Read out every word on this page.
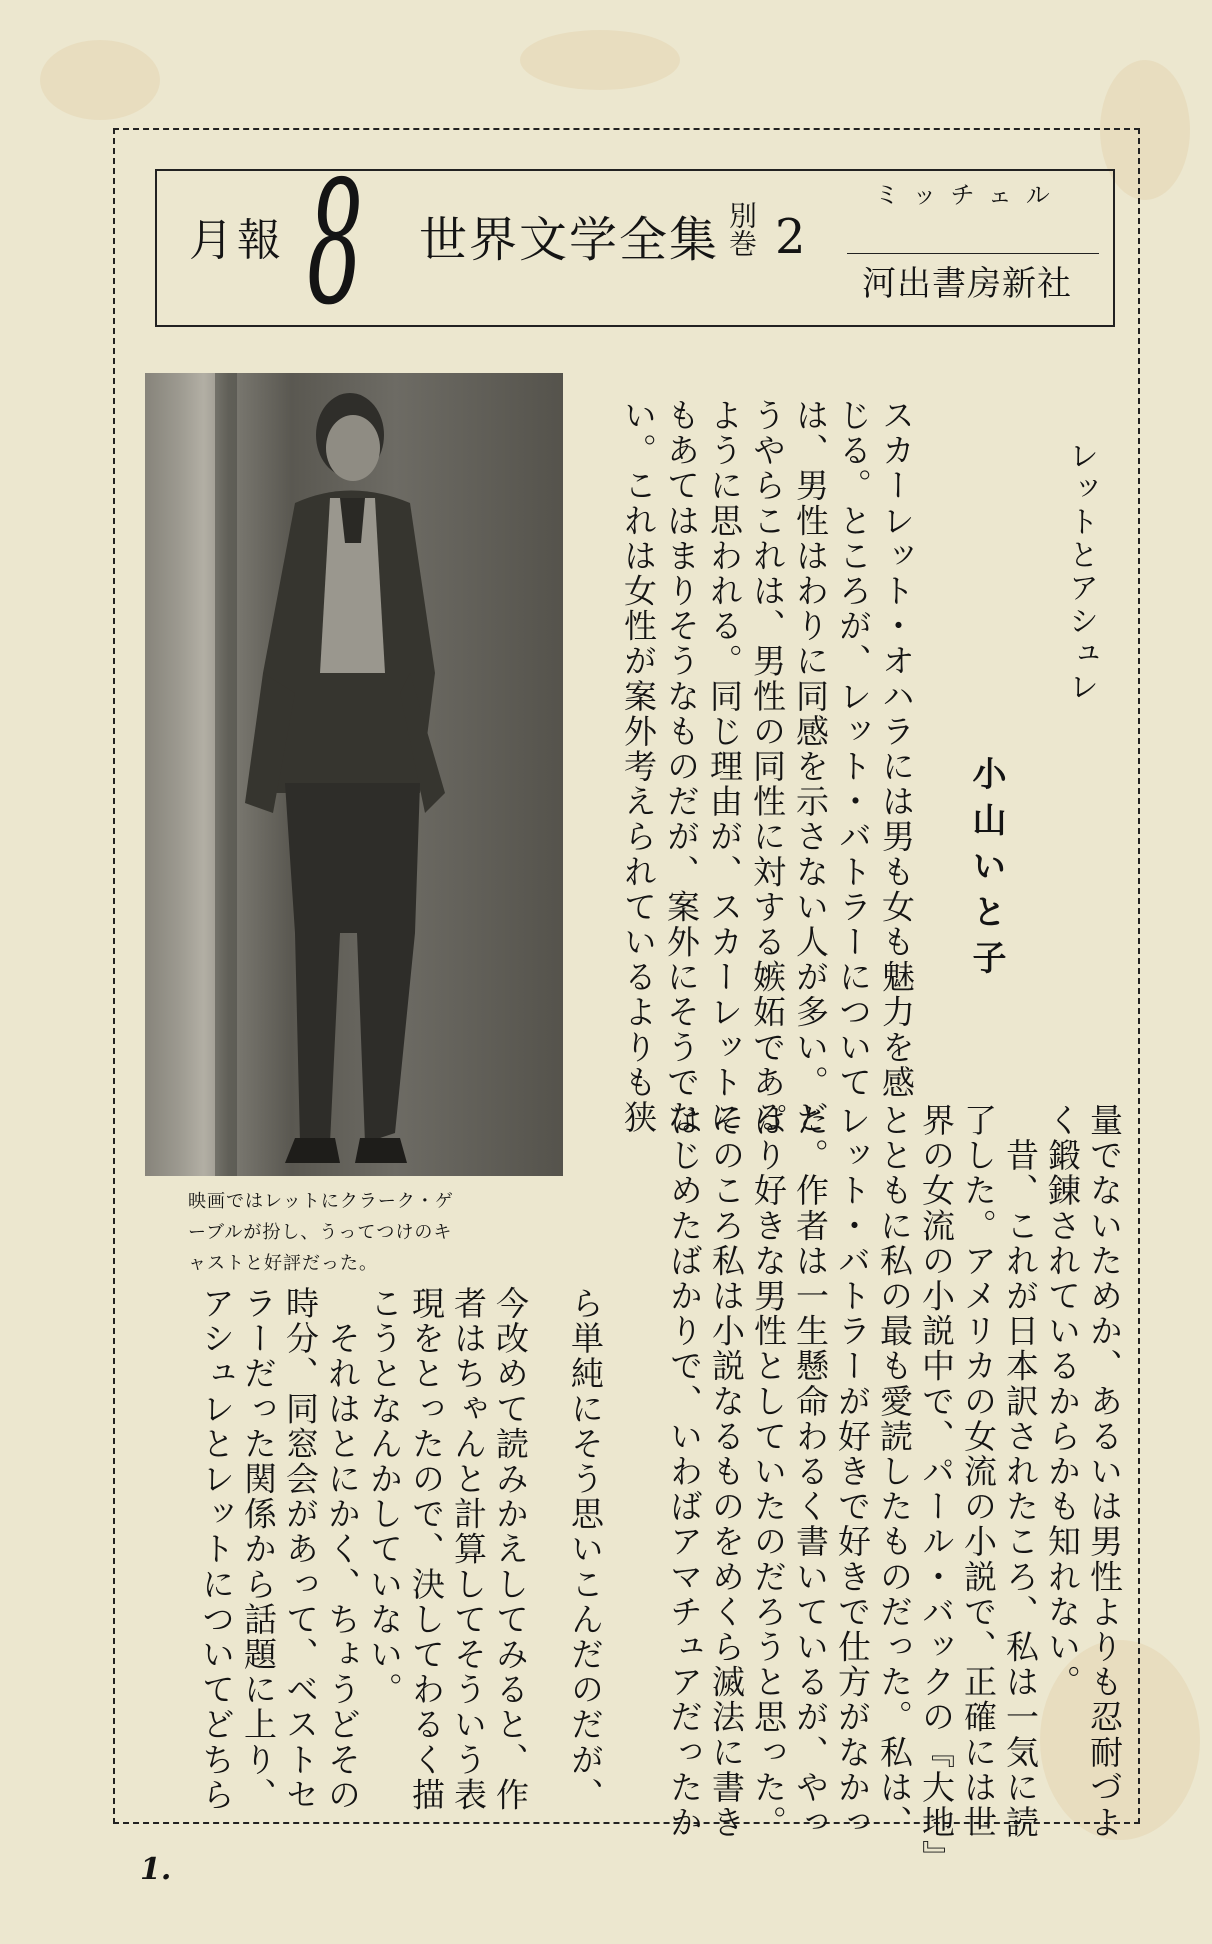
月報 8 世界文学全集 別巻 2
ミッチェル
河出書房新社
映画ではレットにクラーク・ゲ
ーブルが扮し、うってつけのキ
ャストと好評だった。
レットとアシュレ
小山いと子
スカーレット・オハラには男も女も魅力を感
じる。ところが、レット・バトラーについて
は、男性はわりに同感を示さない人が多い。ど
うやらこれは、男性の同性に対する嫉妬である
ように思われる。同じ理由が、スカーレットに
もあてはまりそうなものだが、案外にそうでな
い。これは女性が案外考えられているよりも狭
量でないためか、あるいは男性よりも忍耐づよ
く鍛錬されているからかも知れない。
　昔、これが日本訳されたころ、私は一気に読
了した。アメリカの女流の小説で、正確には世
界の女流の小説中で、パール・バックの『大地』
とともに私の最も愛読したものだった。私は、
レット・バトラーが好きで好きで仕方がなかっ
た。作者は一生懸命わるく書いているが、やっ
ぱり好きな男性としていたのだろうと思った。
そのころ私は小説なるものをめくら滅法に書き
はじめたばかりで、いわばアマチュアだったか
ら単純にそう思いこんだのだが、
今改めて読みかえしてみると、作
者はちゃんと計算してそういう表
現をとったので、決してわるく描
こうとなんかしていない。
　それはとにかく、ちょうどその
時分、同窓会があって、ベストセ
ラーだった関係から話題に上り、
アシュレとレットについてどちら
1.
